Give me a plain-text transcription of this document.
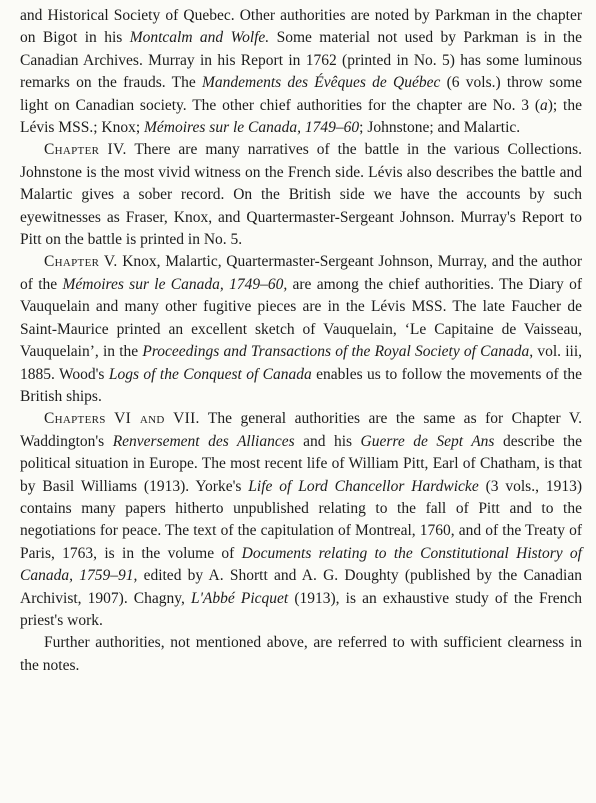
and Historical Society of Quebec. Other authorities are noted by Parkman in the chapter on Bigot in his Montcalm and Wolfe. Some material not used by Parkman is in the Canadian Archives. Murray in his Report in 1762 (printed in No. 5) has some luminous remarks on the frauds. The Mandements des Évêques de Québec (6 vols.) throw some light on Canadian society. The other chief authorities for the chapter are No. 3 (a); the Lévis MSS.; Knox; Mémoires sur le Canada, 1749–60; Johnstone; and Malartic.

Chapter IV. There are many narratives of the battle in the various Collections. Johnstone is the most vivid witness on the French side. Lévis also describes the battle and Malartic gives a sober record. On the British side we have the accounts by such eyewitnesses as Fraser, Knox, and Quartermaster-Sergeant Johnson. Murray's Report to Pitt on the battle is printed in No. 5.

Chapter V. Knox, Malartic, Quartermaster-Sergeant Johnson, Murray, and the author of the Mémoires sur le Canada, 1749–60, are among the chief authorities. The Diary of Vauquelain and many other fugitive pieces are in the Lévis MSS. The late Faucher de Saint-Maurice printed an excellent sketch of Vauquelain, ‘Le Capitaine de Vaisseau, Vauquelain’, in the Proceedings and Transactions of the Royal Society of Canada, vol. iii, 1885. Wood's Logs of the Conquest of Canada enables us to follow the movements of the British ships.

Chapters VI and VII. The general authorities are the same as for Chapter V. Waddington's Renversement des Alliances and his Guerre de Sept Ans describe the political situation in Europe. The most recent life of William Pitt, Earl of Chatham, is that by Basil Williams (1913). Yorke's Life of Lord Chancellor Hardwicke (3 vols., 1913) contains many papers hitherto unpublished relating to the fall of Pitt and to the negotiations for peace. The text of the capitulation of Montreal, 1760, and of the Treaty of Paris, 1763, is in the volume of Documents relating to the Constitutional History of Canada, 1759–91, edited by A. Shortt and A. G. Doughty (published by the Canadian Archivist, 1907). Chagny, L'Abbé Picquet (1913), is an exhaustive study of the French priest's work.

Further authorities, not mentioned above, are referred to with sufficient clearness in the notes.
